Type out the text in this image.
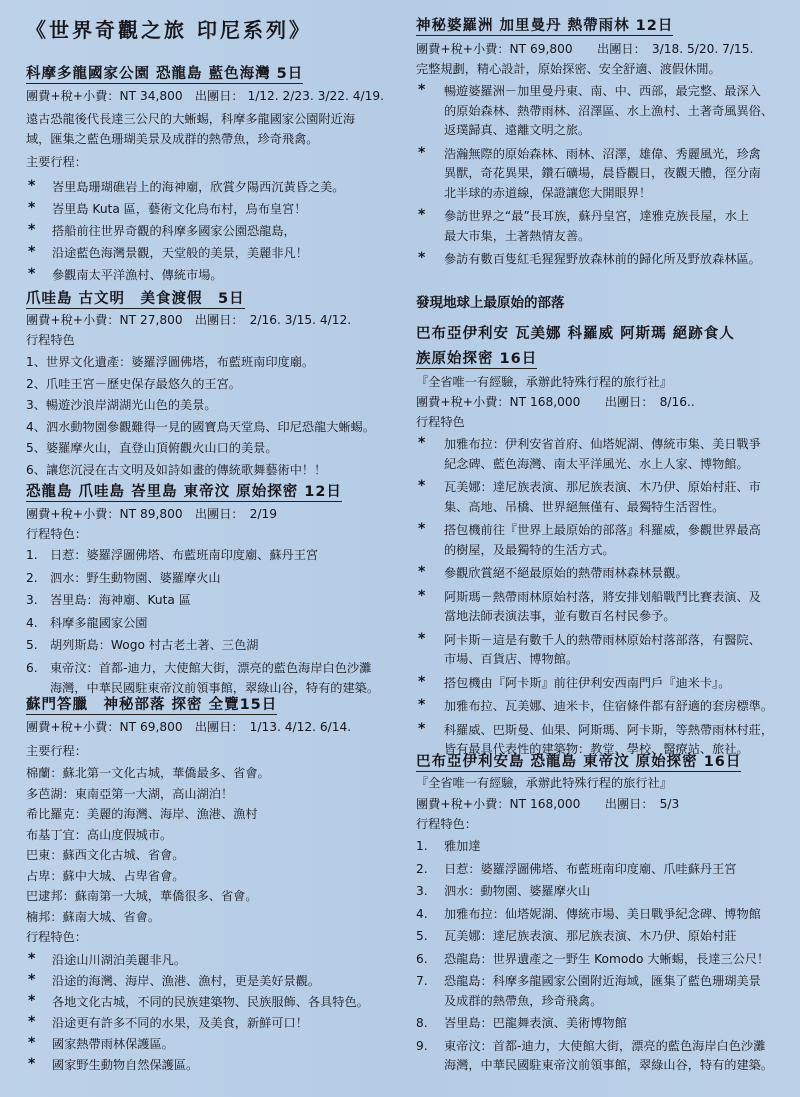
《世界奇觀之旅 印尼系列》
科摩多龍國家公園 恐龍島 藍色海灣 5日
團費+稅+小費：NT 34,800　出團日： 1/12. 2/23. 3/22. 4/19.
遠古恐龍後代長達三公尺的大蜥蜴，科摩多龍國家公園附近海
域，匯集之藍色珊瑚美景及成群的熱帶魚，珍奇飛禽。
主要行程：
* 峇里島珊瑚礁岩上的海神廟，欣賞夕陽西沉黃昏之美。
* 峇里島 Kuta 區，藝術文化烏布村，烏布皇宮！
* 搭船前往世界奇觀的科摩多國家公園恐龍島，
* 沿途藍色海灣景觀，天堂般的美景，美麗非凡！
* 參觀南太平洋漁村、傳統市場。
爪哇島 古文明　美食渡假　5日
團費+稅+小費：NT 27,800　出團日：　2/16. 3/15. 4/12.
行程特色
1、世界文化遺產：婆羅浮圖佛塔，布藍班南印度廟。
2、爪哇王宮－歷史保存最悠久的王宮。
3、暢遊沙浪岸湖湖光山色的美景。
4、泗水動物園參觀難得一見的國寶鳥天堂鳥、印尼恐龍大蜥蜴。
5、婆羅摩火山，直登山頂俯觀火山口的美景。
6、讓您沉浸在古文明及如詩如畫的傳統歌舞藝術中！！
恐龍島 爪哇島 峇里島 東帝汶 原始探密 12日
團費+稅+小費：NT 89,800　出團日：　2/19
行程特色：
1. 日惹：婆羅浮圖佛塔、布藍班南印度廟、蘇丹王宮
2. 泗水：野生動物園、婆羅摩火山
3. 峇里島：海神廟、Kuta 區
4. 科摩多龍國家公園
5. 胡列斯島：Wogo 村古老土著、三色湖
6. 東帝汶：首都-迪力，大使館大街，漂亮的藍色海岸白色沙灘
海灣，中華民國駐東帝汶前領事館，翠綠山谷，特有的建築。
蘇門答臘　神秘部落 探密 全覽15日
團費+稅+小費：NT 69,800　出團日：　1/13. 4/12. 6/14.
主要行程：
棉蘭：蘇北第一文化古城，華僑最多、省會。
多芭湖：東南亞第一大湖，高山湖泊！
希比羅克：美麗的海灣、海岸、漁港、漁村
布基丁宜：高山度假城市。
巴東：蘇西文化古城、省會。
占卑：蘇中大城、占卑省會。
巴逮邦：蘇南第一大城，華僑很多、省會。
楠邦：蘇南大城、省會。
行程特色：
* 沿途山川湖泊美麗非凡。
* 沿途的海灣、海岸、漁港、漁村，更是美好景觀。
* 各地文化古城，不同的民族建築物、民族服飾、各具特色。
* 沿途更有許多不同的水果，及美食，新鮮可口！
* 國家熱帶雨林保護區。
* 國家野生動物自然保護區。
神秘婆羅洲 加里曼丹 熱帶雨林 12日
團費+稅+小費：NT 69,800　　出團日：　3/18. 5/20. 7/15.
完整規劃，精心設計，原始探密、安全舒適、渡假休閒。
* 暢遊婆羅洲－加里曼丹東、南、中、西部，最完整、最深入
的原始森林、熱帶雨林、沼澤區、水上漁村、土著奇風異俗、
返璞歸真、遠離文明之旅。
* 浩瀚無際的原始森林、雨林、沼澤，雄偉、秀麗風光，珍禽
異獸，奇花異果，鑽石礦場，晨昏觀日，夜觀天體，徑分南
北半球的赤道線，保證讓您大開眼界！
* 參訪世界之“最”長耳族，蘇丹皇宮，達雅克族長屋，水上
最大市集，土著熱情友善。
* 參訪有數百隻紅毛猩猩野放森林前的歸化所及野放森林區。
發現地球上最原始的部落
巴布亞伊利安 瓦美娜 科羅威 阿斯瑪 絕跡食人
族原始探密 16日
『全省唯一有經驗，承辦此特殊行程的旅行社』
團費+稅+小費：NT 168,000　　出團日：　8/16..
行程特色
* 加雅布拉：伊利安省首府、仙塔妮湖、傳統市集、美日戰爭
紀念碑、藍色海灣、南太平洋風光、水上人家、博物館。
* 瓦美娜：達尼族表演、那尼族表演、木乃伊、原始村莊、市
集、高地、吊橋、世界絕無僅有、最獨特生活習性。
* 搭包機前往『世界上最原始的部落』科羅威，參觀世界最高
的樹屋，及最獨特的生活方式。
* 參觀欣賞絕不絕最原始的熱帶雨林森林景觀。
* 阿斯瑪－熱帶雨林原始村落，將安排划船戰鬥比賽表演、及
當地法師表演法事，並有數百名村民參予。
* 阿卡斯－這是有數千人的熱帶雨林原始村落部落，有醫院、
市場、百貨店、博物館。
* 搭包機由『阿卡斯』前往伊利安西南門戶『迪米卡』。
* 加雅布拉、瓦美娜、迪米卡，住宿條件都有舒適的套房標準。
* 科羅威、巴斯曼、仙果、阿斯瑪、阿卡斯，等熱帶雨林村莊，
皆有最具代表性的建築物：教堂、學校、醫療站、旅社。
巴布亞伊利安島 恐龍島 東帝汶 原始探密 16日
『全省唯一有經驗，承辦此特殊行程的旅行社』
團費+稅+小費：NT 168,000　　出團日：　5/3
行程特色：
1. 雅加達
2. 日惹：婆羅浮圖佛塔、布藍班南印度廟、爪哇蘇丹王宮
3. 泗水：動物園、婆羅摩火山
4. 加雅布拉：仙塔妮湖、傳統市場、美日戰爭紀念碑、博物館
5. 瓦美娜：達尼族表演、那尼族表演、木乃伊、原始村莊
6. 恐龍島：世界遺產之一野生 Komodo 大蜥蜴，長達三公尺！
7. 恐龍島：科摩多龍國家公園附近海域，匯集了藍色珊瑚美景
及成群的熱帶魚，珍奇飛禽。
8. 峇里島：巴龍舞表演、美術博物館
9. 東帝汶：首都-迪力，大使館大街，漂亮的藍色海岸白色沙灘
海灣，中華民國駐東帝汶前領事館，翠綠山谷，特有的建築。
